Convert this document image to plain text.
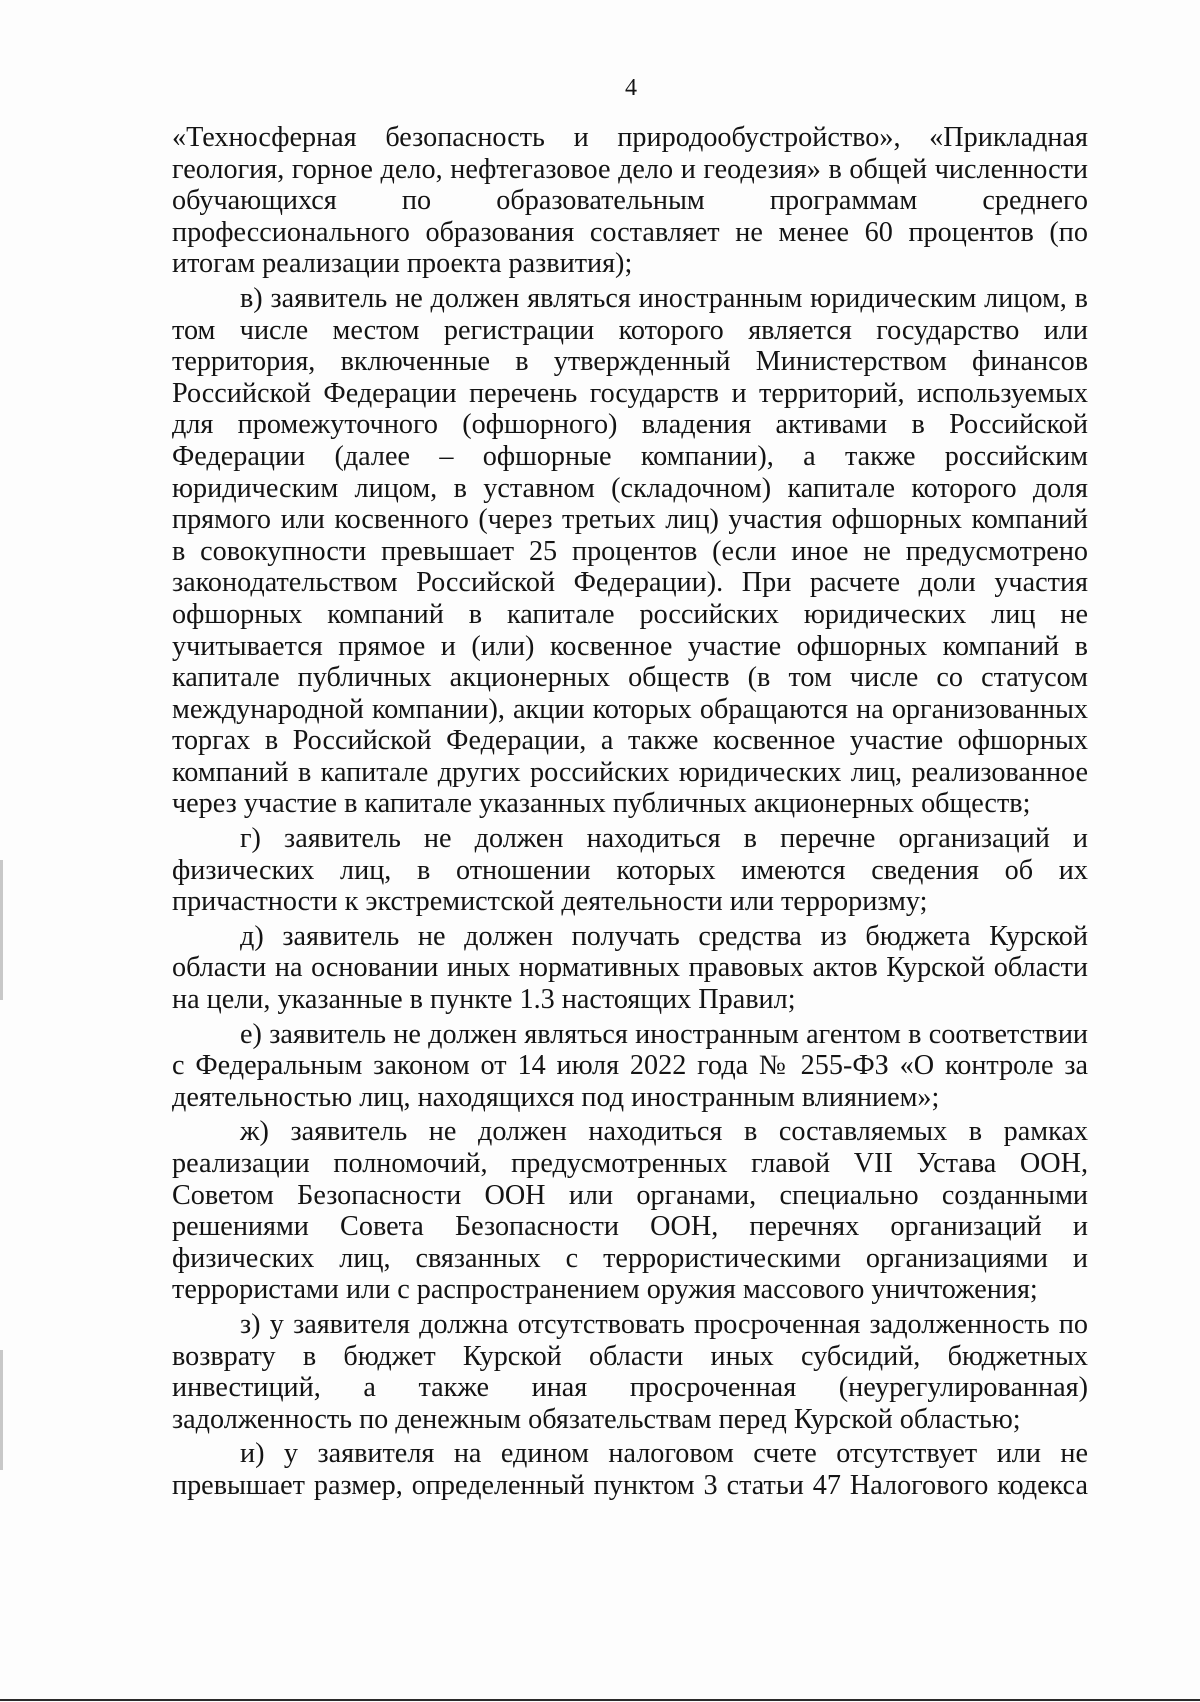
4

«Техносферная безопасность и природообустройство», «Прикладная геология, горное дело, нефтегазовое дело и геодезия» в общей численности обучающихся по образовательным программам среднего профессионального образования составляет не менее 60 процентов (по итогам реализации проекта развития);

в) заявитель не должен являться иностранным юридическим лицом, в том числе местом регистрации которого является государство или территория, включенные в утвержденный Министерством финансов Российской Федерации перечень государств и территорий, используемых для промежуточного (офшорного) владения активами в Российской Федерации (далее – офшорные компании), а также российским юридическим лицом, в уставном (складочном) капитале которого доля прямого или косвенного (через третьих лиц) участия офшорных компаний в совокупности превышает 25 процентов (если иное не предусмотрено законодательством Российской Федерации). При расчете доли участия офшорных компаний в капитале российских юридических лиц не учитывается прямое и (или) косвенное участие офшорных компаний в капитале публичных акционерных обществ (в том числе со статусом международной компании), акции которых обращаются на организованных торгах в Российской Федерации, а также косвенное участие офшорных компаний в капитале других российских юридических лиц, реализованное через участие в капитале указанных публичных акционерных обществ;

г) заявитель не должен находиться в перечне организаций и физических лиц, в отношении которых имеются сведения об их причастности к экстремистской деятельности или терроризму;

д) заявитель не должен получать средства из бюджета Курской области на основании иных нормативных правовых актов Курской области на цели, указанные в пункте 1.3 настоящих Правил;

е) заявитель не должен являться иностранным агентом в соответствии с Федеральным законом от 14 июля 2022 года № 255-ФЗ «О контроле за деятельностью лиц, находящихся под иностранным влиянием»;

ж) заявитель не должен находиться в составляемых в рамках реализации полномочий, предусмотренных главой VII Устава ООН, Советом Безопасности ООН или органами, специально созданными решениями Совета Безопасности ООН, перечнях организаций и физических лиц, связанных с террористическими организациями и террористами или с распространением оружия массового уничтожения;

з) у заявителя должна отсутствовать просроченная задолженность по возврату в бюджет Курской области иных субсидий, бюджетных инвестиций, а также иная просроченная (неурегулированная) задолженность по денежным обязательствам перед Курской областью;

и) у заявителя на едином налоговом счете отсутствует или не превышает размер, определенный пунктом 3 статьи 47 Налогового кодекса
